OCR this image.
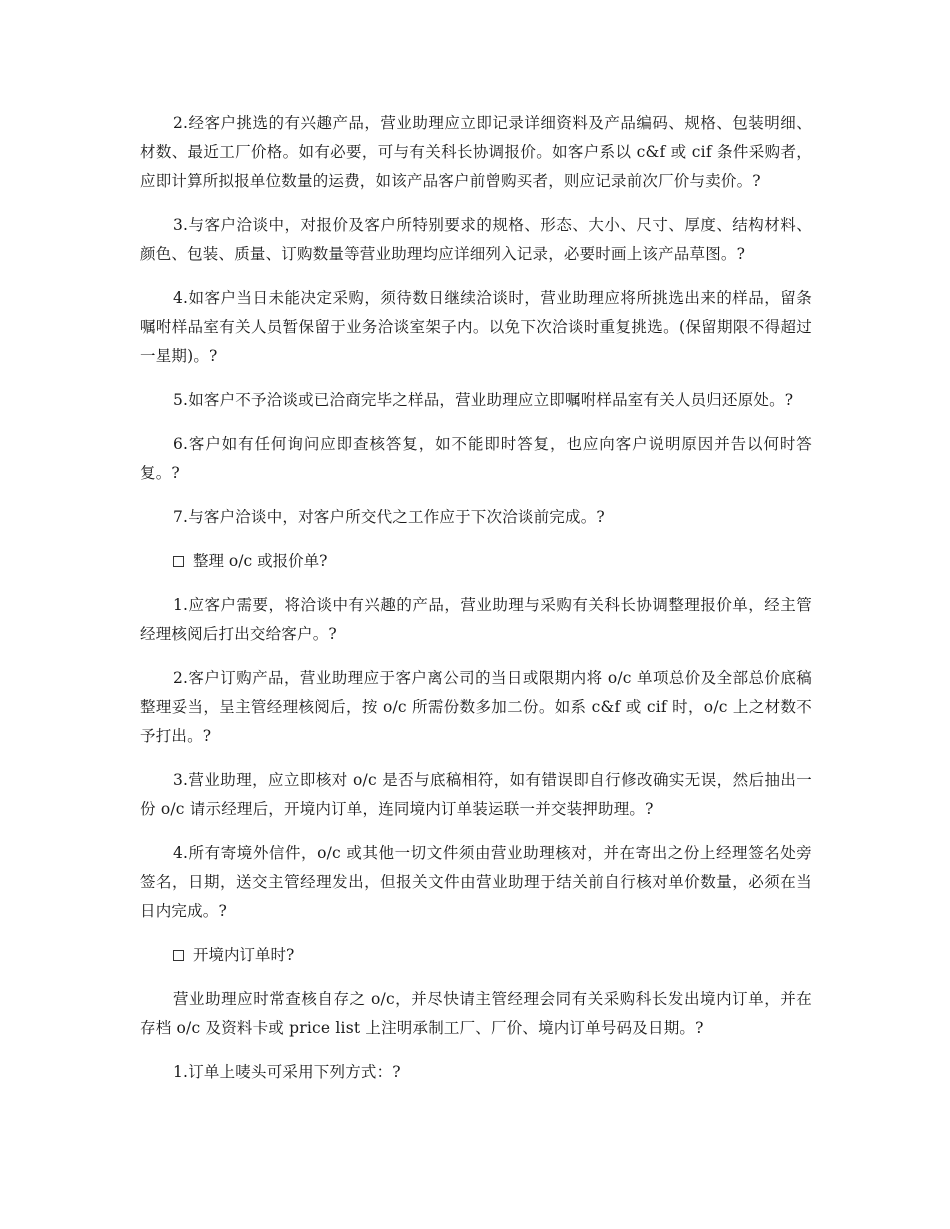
2.经客户挑选的有兴趣产品，营业助理应立即记录详细资料及产品编码、规格、包装明细、材数、最近工厂价格。如有必要，可与有关科长协调报价。如客户系以 c&f 或 cif 条件采购者，应即计算所拟报单位数量的运费，如该产品客户前曾购买者，则应记录前次厂价与卖价。?

3.与客户洽谈中，对报价及客户所特别要求的规格、形态、大小、尺寸、厚度、结构材料、颜色、包装、质量、订购数量等营业助理均应详细列入记录，必要时画上该产品草图。?

4.如客户当日未能决定采购，须待数日继续洽谈时，营业助理应将所挑选出来的样品，留条嘱咐样品室有关人员暂保留于业务洽谈室架子内。以免下次洽谈时重复挑选。(保留期限不得超过一星期)。?

5.如客户不予洽谈或已洽商完毕之样品，营业助理应立即嘱咐样品室有关人员归还原处。?

6.客户如有任何询问应即查核答复，如不能即时答复，也应向客户说明原因并告以何时答复。?

7.与客户洽谈中，对客户所交代之工作应于下次洽谈前完成。?

整理 o/c 或报价单?

1.应客户需要，将洽谈中有兴趣的产品，营业助理与采购有关科长协调整理报价单，经主管经理核阅后打出交给客户。?

2.客户订购产品，营业助理应于客户离公司的当日或限期内将 o/c 单项总价及全部总价底稿整理妥当，呈主管经理核阅后，按 o/c 所需份数多加二份。如系 c&f 或 cif 时，o/c 上之材数不予打出。?

3.营业助理，应立即核对 o/c 是否与底稿相符，如有错误即自行修改确实无误，然后抽出一份 o/c 请示经理后，开境内订单，连同境内订单装运联一并交装押助理。?

4.所有寄境外信件，o/c 或其他一切文件须由营业助理核对，并在寄出之份上经理签名处旁签名，日期，送交主管经理发出，但报关文件由营业助理于结关前自行核对单价数量，必须在当日内完成。?

开境内订单时?

营业助理应时常查核自存之 o/c，并尽快请主管经理会同有关采购科长发出境内订单，并在存档 o/c 及资料卡或 price list 上注明承制工厂、厂价、境内订单号码及日期。?

1.订单上唛头可采用下列方式：?
